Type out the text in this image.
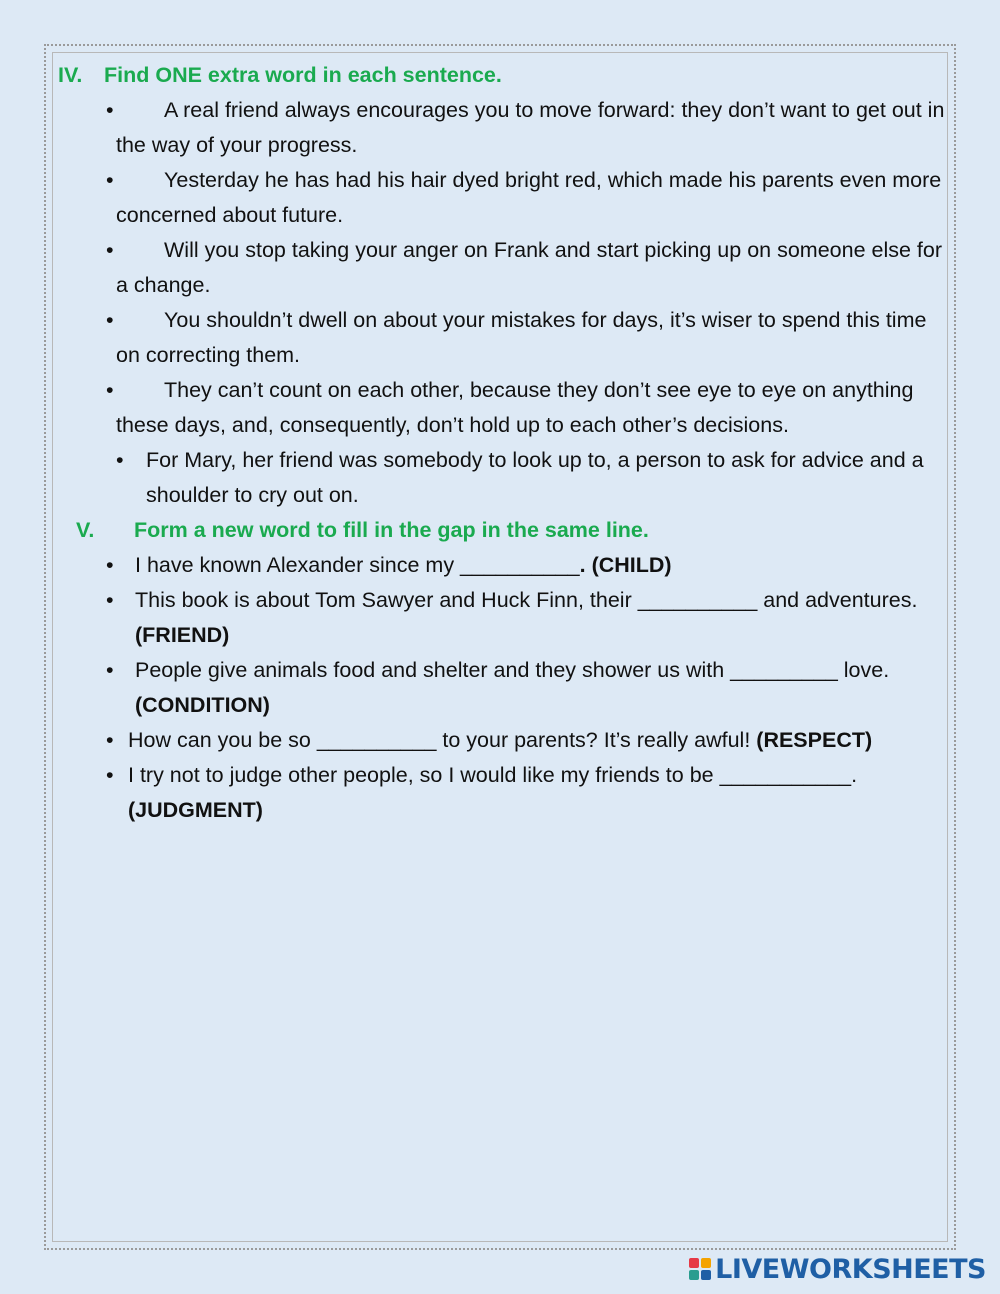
IV.	Find ONE extra word in each sentence.
•	A real friend always encourages you to move forward: they don’t want to get out in the way of your progress.
•	Yesterday he has had his hair dyed bright red, which made his parents even more concerned about future.
•	Will you stop taking your anger on Frank and start picking up on someone else for a change.
•	You shouldn’t dwell on about your mistakes for days, it’s wiser to spend this time on correcting them.
•	They can’t count on each other, because they don’t see eye to eye on anything these days, and, consequently, don’t hold up to each other’s decisions.
• For Mary, her friend was somebody to look up to, a person to ask for advice and a shoulder to cry out on.
V.	Form a new word to fill in the gap in the same line.
• I have known Alexander since my __________. (CHILD)
• This book is about Tom Sawyer and Huck Finn, their __________ and adventures. (FRIEND)
• People give animals food and shelter and they shower us with _________ love. (CONDITION)
• How can you be so __________ to your parents? It’s really awful! (RESPECT)
• I try not to judge other people, so I would like my friends to be ___________. (JUDGMENT)
LIVEWORKSHEETS
